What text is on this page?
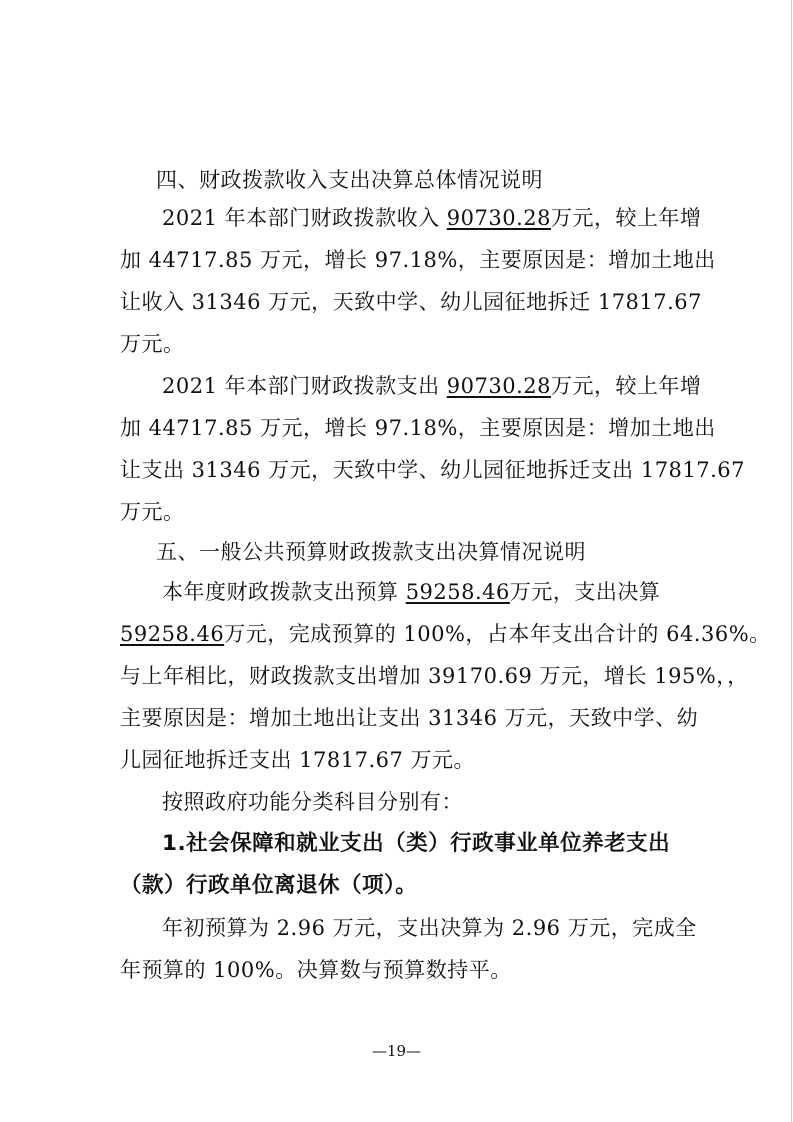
四、财政拨款收入支出决算总体情况说明
2021 年本部门财政拨款收入 90730.28万元，较上年增
加 44717.85 万元，增长 97.18%，主要原因是：增加土地出
让收入 31346 万元，天致中学、幼儿园征地拆迁 17817.67
万元。
2021 年本部门财政拨款支出 90730.28万元，较上年增
加 44717.85 万元，增长 97.18%，主要原因是：增加土地出
让支出 31346 万元，天致中学、幼儿园征地拆迁支出 17817.67
万元。
五、一般公共预算财政拨款支出决算情况说明
本年度财政拨款支出预算 59258.46万元，支出决算
59258.46万元，完成预算的 100%，占本年支出合计的 64.36%。
与上年相比，财政拨款支出增加 39170.69 万元，增长 195%，，
主要原因是：增加土地出让支出 31346 万元，天致中学、幼
儿园征地拆迁支出 17817.67 万元。
按照政府功能分类科目分别有：
1.社会保障和就业支出（类）行政事业单位养老支出
（款）行政单位离退休（项）。
年初预算为 2.96 万元，支出决算为 2.96 万元，完成全
年预算的 100%。决算数与预算数持平。
—19—
